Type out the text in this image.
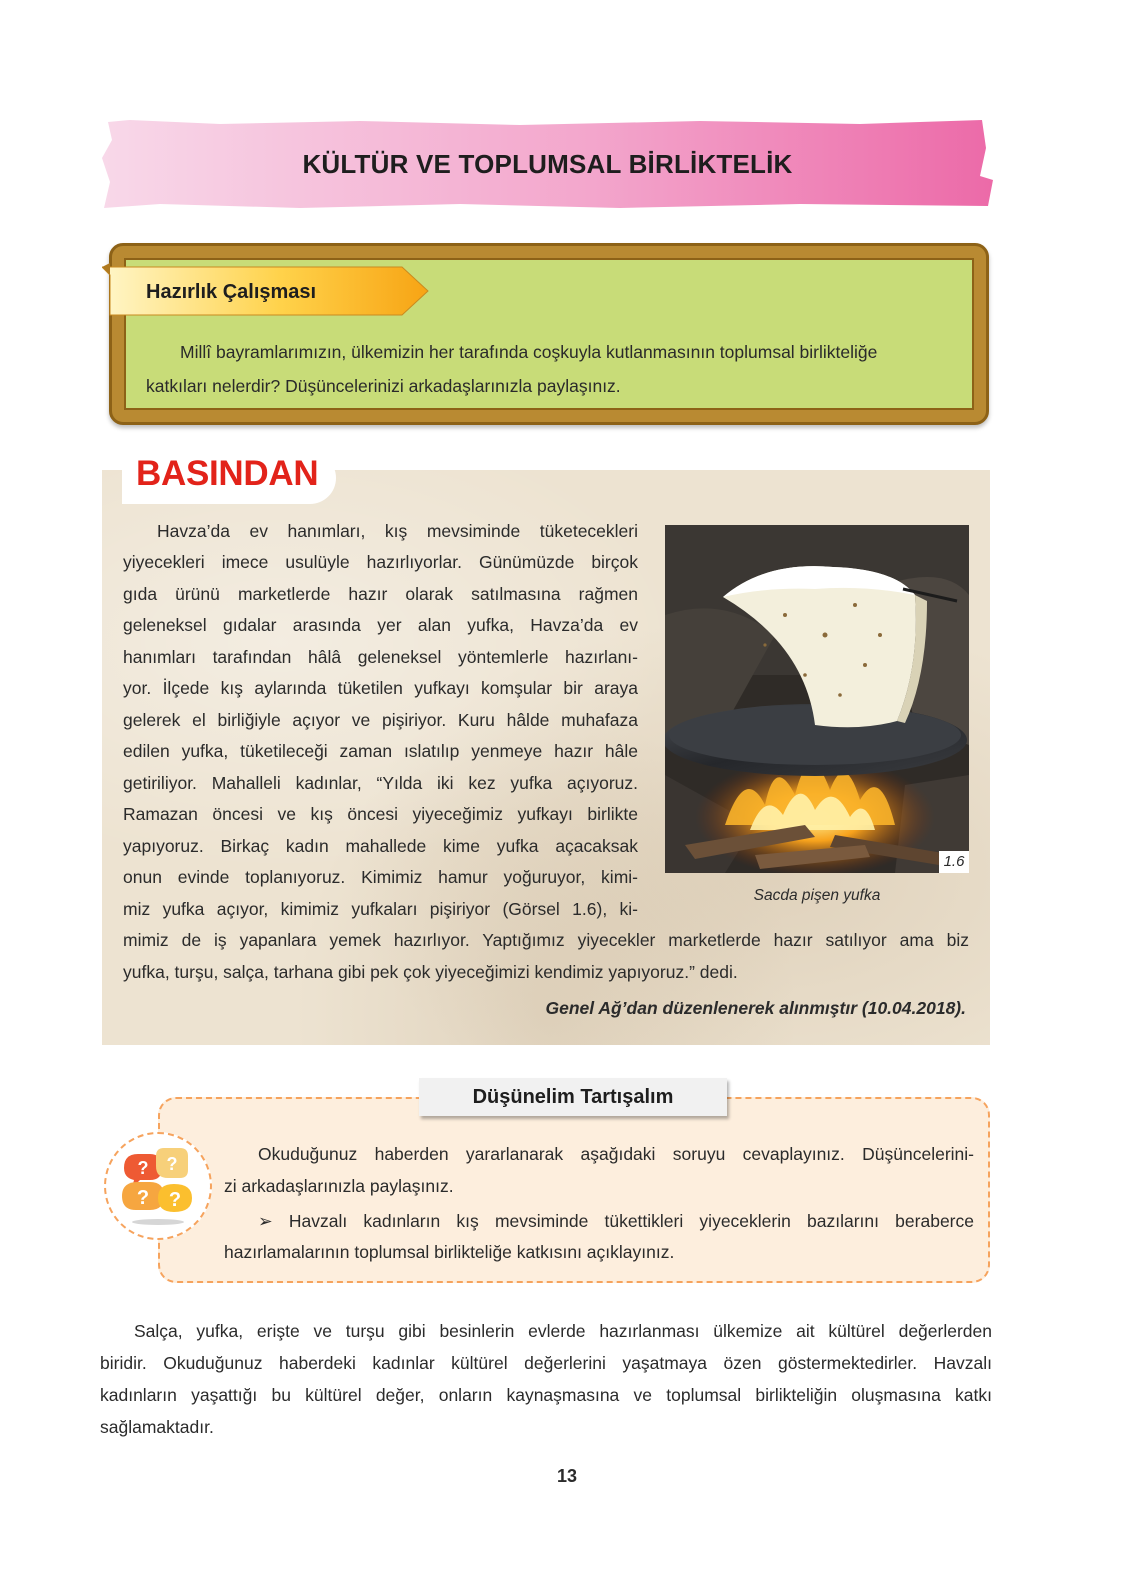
KÜLTÜR VE TOPLUMSAL BİRLİKTELİK
Hazırlık Çalışması
Millî bayramlarımızın, ülkemizin her tarafında coşkuyla kutlanmasının toplumsal birlikteliğe
katkıları nelerdir? Düşüncelerinizi arkadaşlarınızla paylaşınız.
BASINDAN
Havza’da ev hanımları, kış mevsiminde tüketecekleri
yiyecekleri imece usulüyle hazırlıyorlar. Günümüzde birçok
gıda ürünü marketlerde hazır olarak satılmasına rağmen
geleneksel gıdalar arasında yer alan yufka, Havza’da ev
hanımları tarafından hâlâ geleneksel yöntemlerle hazırlanı-
yor. İlçede kış aylarında tüketilen yufkayı komşular bir araya
gelerek el birliğiyle açıyor ve pişiriyor. Kuru hâlde muhafaza
edilen yufka, tüketileceği zaman ıslatılıp yenmeye hazır hâle
getiriliyor. Mahalleli kadınlar, “Yılda iki kez yufka açıyoruz.
Ramazan öncesi ve kış öncesi yiyeceğimiz yufkayı birlikte
yapıyoruz. Birkaç kadın mahallede kime yufka açacaksak
onun evinde toplanıyoruz. Kimimiz hamur yoğuruyor, kimi-
miz yufka açıyor, kimimiz yufkaları pişiriyor (Görsel 1.6), ki-
mimiz de iş yapanlara yemek hazırlıyor. Yaptığımız yiyecekler marketlerde hazır satılıyor ama biz
yufka, turşu, salça, tarhana gibi pek çok yiyeceğimizi kendimiz yapıyoruz.” dedi.
Genel Ağ’dan düzenlenerek alınmıştır (10.04.2018).
1.6
Sacda pişen yufka
Düşünelim Tartışalım
? ?
? ?
Okuduğunuz haberden yararlanarak aşağıdaki soruyu cevaplayınız. Düşüncelerini-
zi arkadaşlarınızla paylaşınız.
➢ Havzalı kadınların kış mevsiminde tükettikleri yiyeceklerin bazılarını beraberce
hazırlamalarının toplumsal birlikteliğe katkısını açıklayınız.
Salça, yufka, erişte ve turşu gibi besinlerin evlerde hazırlanması ülkemize ait kültürel değerlerden
biridir. Okuduğunuz haberdeki kadınlar kültürel değerlerini yaşatmaya özen göstermektedirler. Havzalı
kadınların yaşattığı bu kültürel değer, onların kaynaşmasına ve toplumsal birlikteliğin oluşmasına katkı
sağlamaktadır.
13
